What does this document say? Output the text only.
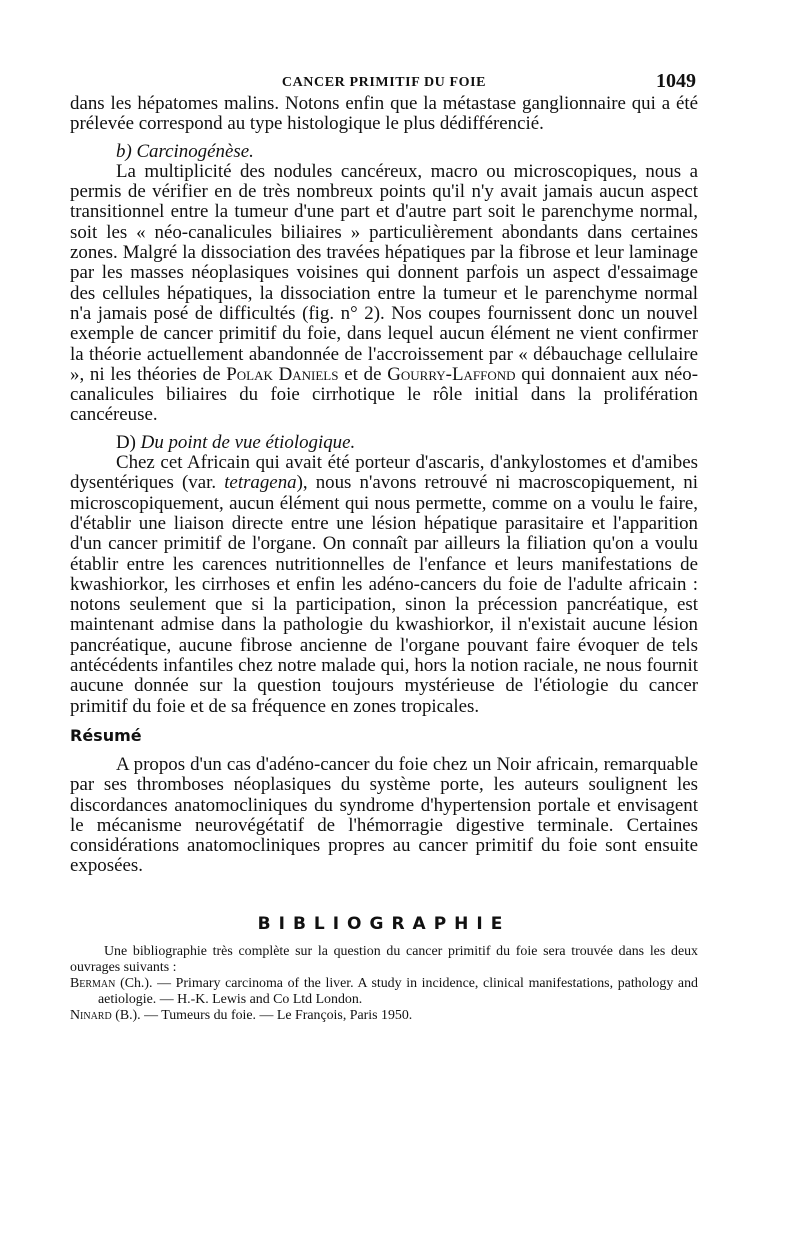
CANCER PRIMITIF DU FOIE	1049

dans les hépatomes malins. Notons enfin que la métastase ganglionnaire qui a été prélevée correspond au type histologique le plus dédifférencié.

b) Carcinogénèse.

La multiplicité des nodules cancéreux, macro ou microscopiques, nous a permis de vérifier en de très nombreux points qu'il n'y avait jamais aucun aspect transitionnel entre la tumeur d'une part et d'autre part soit le parenchyme normal, soit les « néo-canalicules biliaires » particulièrement abondants dans certaines zones. Malgré la dissociation des travées hépatiques par la fibrose et leur laminage par les masses néoplasiques voisines qui donnent parfois un aspect d'essaimage des cellules hépatiques, la dissociation entre la tumeur et le parenchyme normal n'a jamais posé de difficultés (fig. n° 2). Nos coupes fournissent donc un nouvel exemple de cancer primitif du foie, dans lequel aucun élément ne vient confirmer la théorie actuellement abandonnée de l'accroissement par « débauchage cellulaire », ni les théories de Polak Daniels et de Gourry-Laffond qui donnaient aux néo-canalicules biliaires du foie cirrhotique le rôle initial dans la prolifération cancéreuse.

D) Du point de vue étiologique.

Chez cet Africain qui avait été porteur d'ascaris, d'ankylostomes et d'amibes dysentériques (var. tetragena), nous n'avons retrouvé ni macroscopiquement, ni microscopiquement, aucun élément qui nous permette, comme on a voulu le faire, d'établir une liaison directe entre une lésion hépatique parasitaire et l'apparition d'un cancer primitif de l'organe. On connaît par ailleurs la filiation qu'on a voulu établir entre les carences nutritionnelles de l'enfance et leurs manifestations de kwashiorkor, les cirrhoses et enfin les adéno-cancers du foie de l'adulte africain : notons seulement que si la participation, sinon la précession pancréatique, est maintenant admise dans la pathologie du kwashiorkor, il n'existait aucune lésion pancréatique, aucune fibrose ancienne de l'organe pouvant faire évoquer de tels antécédents infantiles chez notre malade qui, hors la notion raciale, ne nous fournit aucune donnée sur la question toujours mystérieuse de l'étiologie du cancer primitif du foie et de sa fréquence en zones tropicales.

Résumé

A propos d'un cas d'adéno-cancer du foie chez un Noir africain, remarquable par ses thromboses néoplasiques du système porte, les auteurs soulignent les discordances anatomocliniques du syndrome d'hypertension portale et envisagent le mécanisme neurovégétatif de l'hémorragie digestive terminale. Certaines considérations anatomocliniques propres au cancer primitif du foie sont ensuite exposées.

BIBLIOGRAPHIE

Une bibliographie très complète sur la question du cancer primitif du foie sera trouvée dans les deux ouvrages suivants :

Berman (Ch.). — Primary carcinoma of the liver. A study in incidence, clinical manifestations, pathology and aetiologie. — H.-K. Lewis and Co Ltd London.

Ninard (B.). — Tumeurs du foie. — Le François, Paris 1950.
